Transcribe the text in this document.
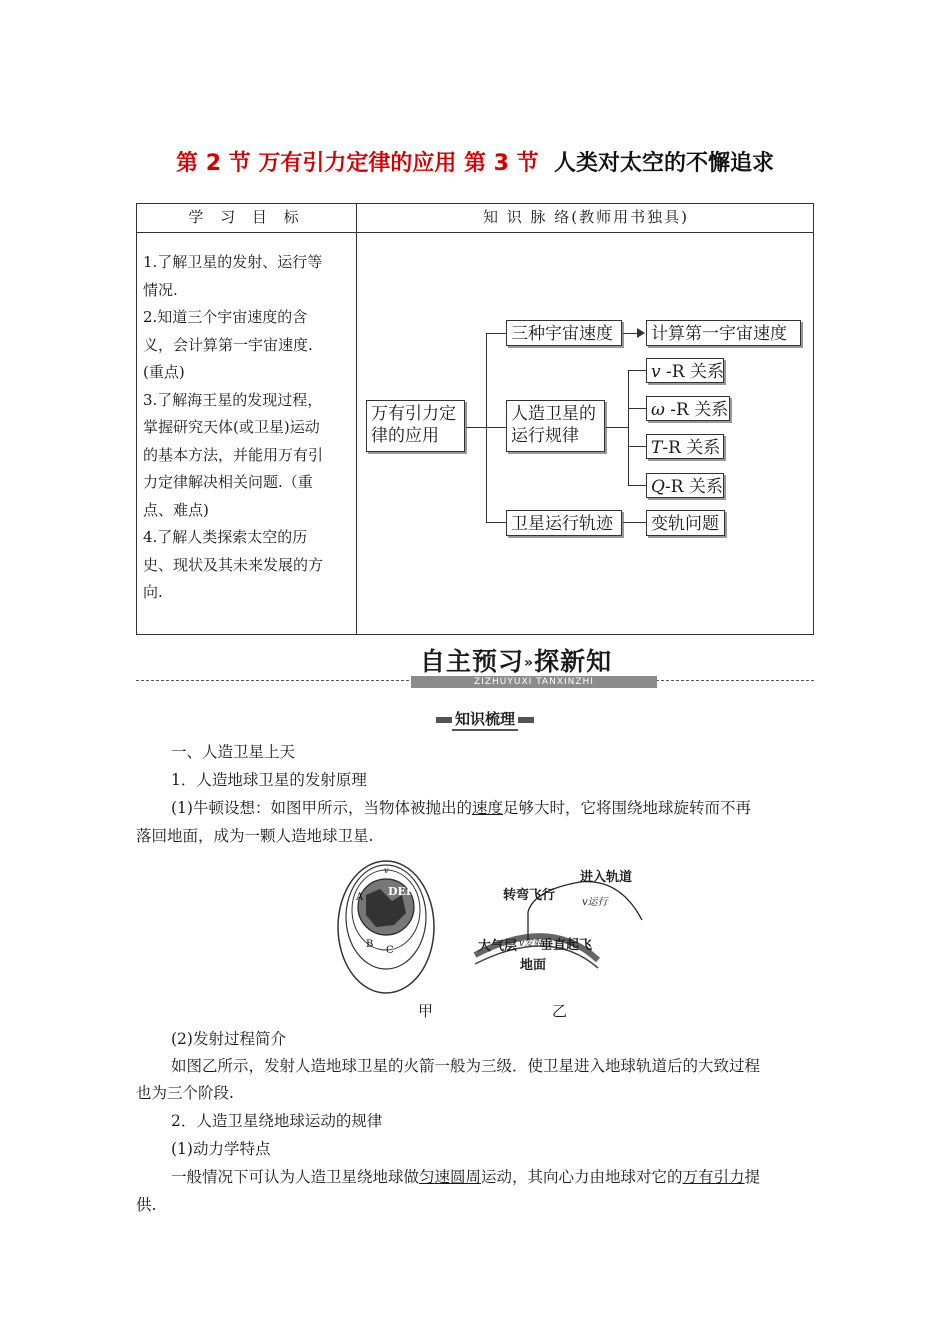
第 2 节 万有引力定律的应用 第 3 节 人类对太空的不懈追求
学 习 目 标	知 识 脉 络(教师用书独具)
1.了解卫星的发射、运行等
情况.
2.知道三个宇宙速度的含
义，会计算第一宇宙速度.
(重点)
3.了解海王星的发现过程，
掌握研究天体(或卫星)运动
的基本方法，并能用万有引
力定律解决相关问题.（重
点、难点)
4.了解人类探索太空的历
史、现状及其未来发展的方
向.
万有引力定
律的应用
三种宇宙速度	计算第一宇宙速度
人造卫星的
运行规律
v -R 关系
ω -R 关系
T-R 关系
Q-R 关系
卫星运行轨迹	变轨问题
自主预习»探新知
ZIZHUYUXI TANXINZHI
知识梳理
一、人造卫星上天
1．人造地球卫星的发射原理
(1)牛顿设想：如图甲所示，当物体被抛出的速度足够大时，它将围绕地球旋转而不再
落回地面，成为一颗人造地球卫星.
A
B
C
DEF
v
甲
进入轨道
转弯飞行	v运行
大气层 v发射
垂直起飞
地面
乙
(2)发射过程简介
如图乙所示，发射人造地球卫星的火箭一般为三级．使卫星进入地球轨道后的大致过程
也为三个阶段.
2．人造卫星绕地球运动的规律
(1)动力学特点
一般情况下可认为人造卫星绕地球做匀速圆周运动，其向心力由地球对它的万有引力提
供.
